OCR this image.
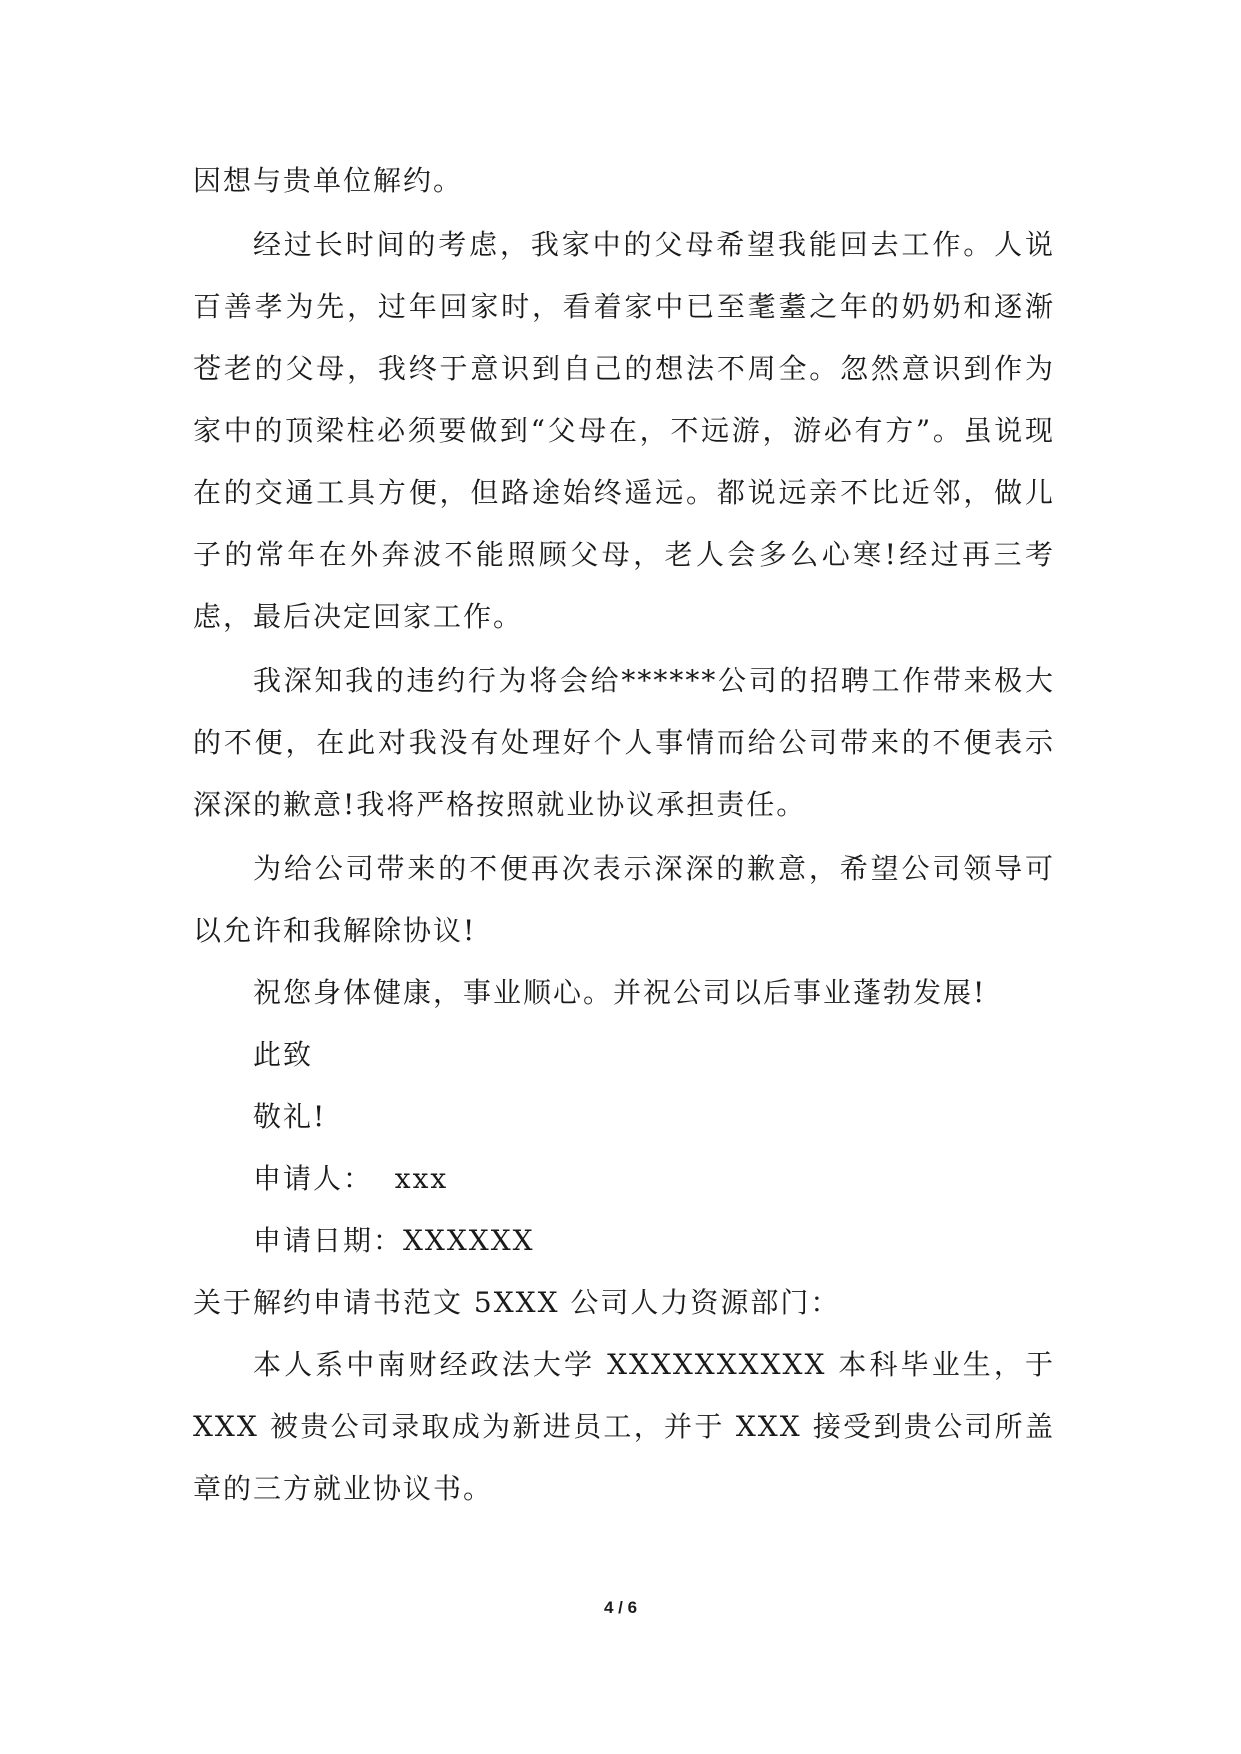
因想与贵单位解约。

经过长时间的考虑，我家中的父母希望我能回去工作。人说百善孝为先，过年回家时，看着家中已至耄耋之年的奶奶和逐渐苍老的父母，我终于意识到自己的想法不周全。忽然意识到作为家中的顶梁柱必须要做到“父母在，不远游，游必有方”。虽说现在的交通工具方便，但路途始终遥远。都说远亲不比近邻，做儿子的常年在外奔波不能照顾父母，老人会多么心寒!经过再三考虑，最后决定回家工作。

我深知我的违约行为将会给******公司的招聘工作带来极大的不便，在此对我没有处理好个人事情而给公司带来的不便表示深深的歉意!我将严格按照就业协议承担责任。

为给公司带来的不便再次表示深深的歉意，希望公司领导可以允许和我解除协议!

祝您身体健康，事业顺心。并祝公司以后事业蓬勃发展!

此致

敬礼!

申请人：  xxx

申请日期：XXXXXX

关于解约申请书范文 5XXX 公司人力资源部门：

本人系中南财经政法大学 XXXXXXXXXX 本科毕业生，于 XXX 被贵公司录取成为新进员工，并于 XXX 接受到贵公司所盖章的三方就业协议书。

4 / 6
